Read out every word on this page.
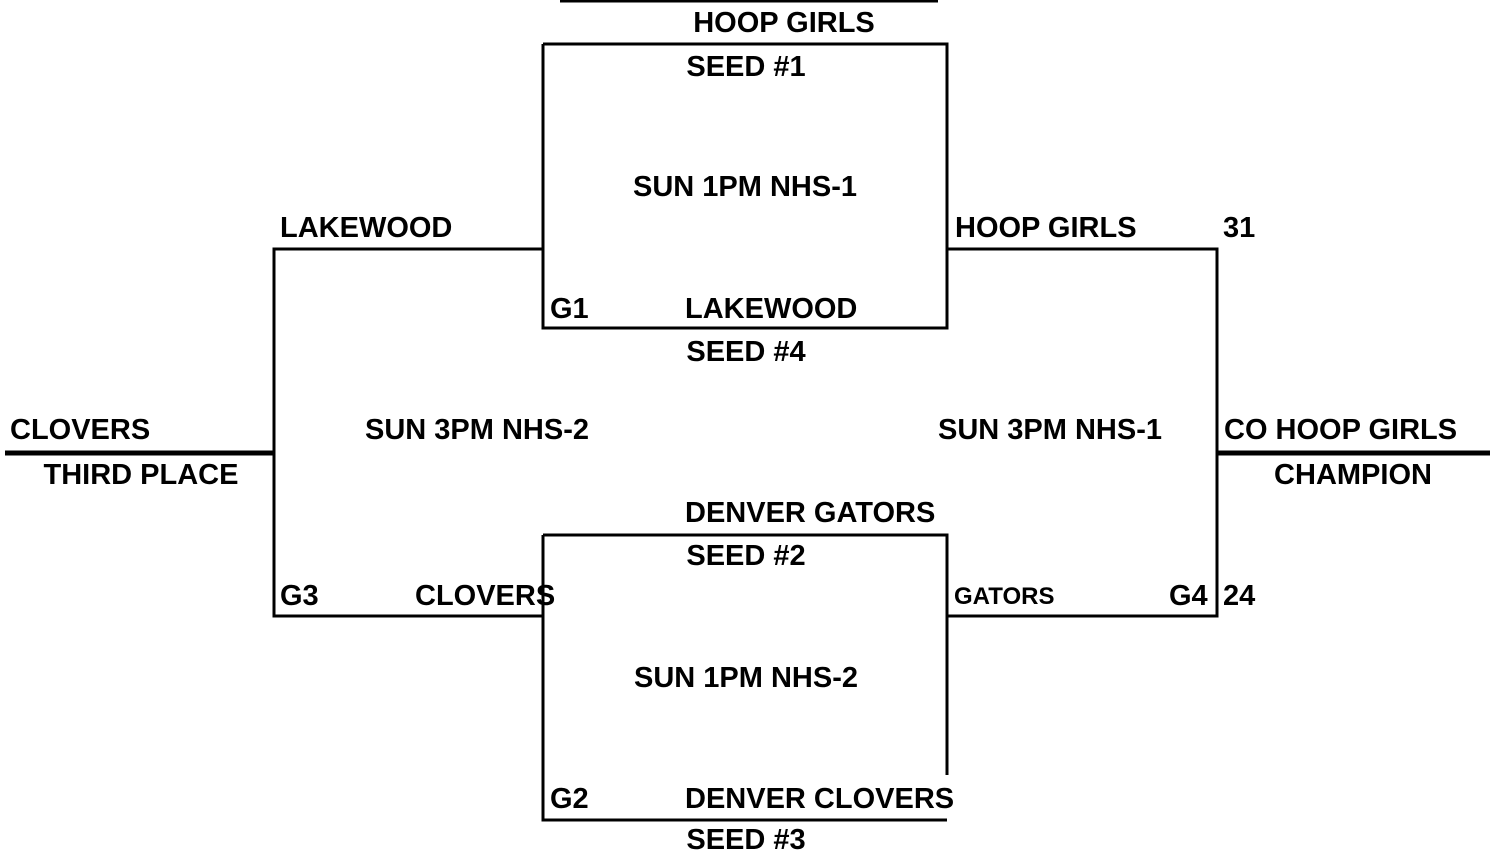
HOOP GIRLS
SEED #1
SUN 1PM NHS-1
G1	LAKEWOOD
SEED #4
LAKEWOOD
SUN 3PM NHS-2
G3	CLOVERS
HOOP GIRLS	31
SUN 3PM NHS-1
GATORS	G4 24
DENVER GATORS
SEED #2
SUN 1PM NHS-2
G2	DENVER CLOVERS
SEED #3
CLOVERS
THIRD PLACE
CO HOOP GIRLS
CHAMPION
